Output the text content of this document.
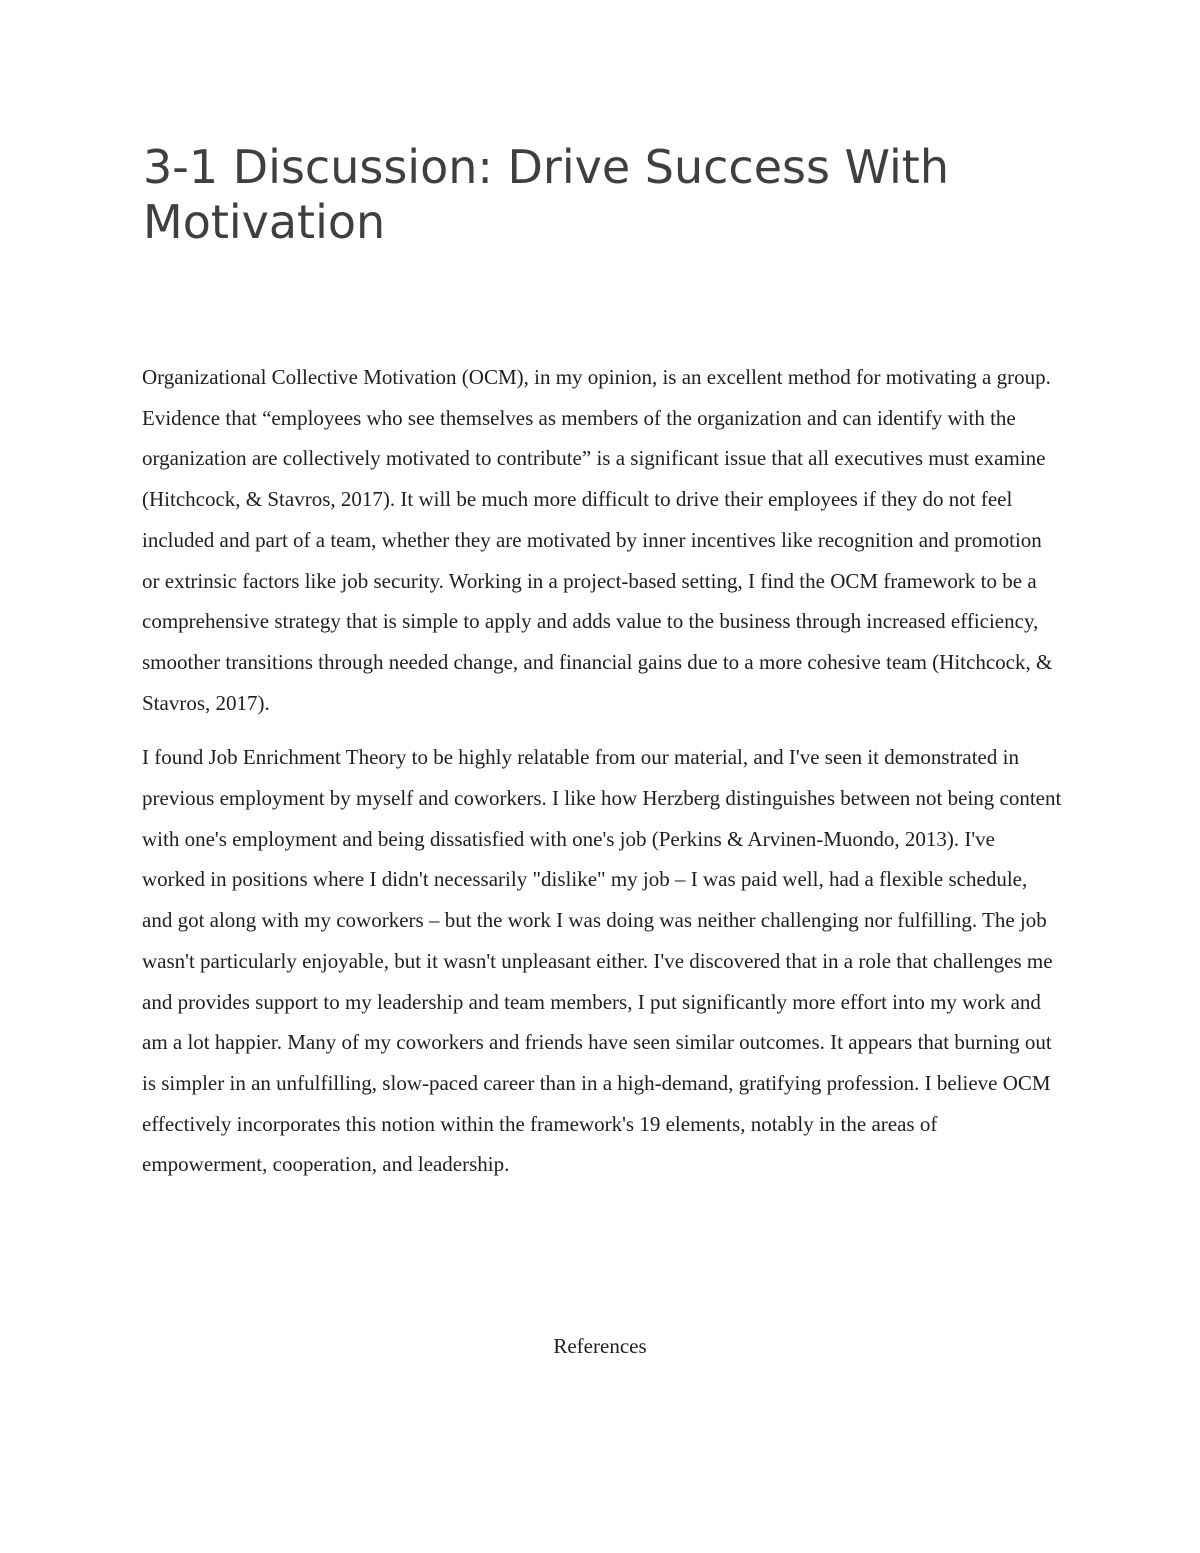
3-1 Discussion: Drive Success With Motivation

Organizational Collective Motivation (OCM), in my opinion, is an excellent method for motivating a group. Evidence that “employees who see themselves as members of the organization and can identify with the organization are collectively motivated to contribute” is a significant issue that all executives must examine (Hitchcock, & Stavros, 2017). It will be much more difficult to drive their employees if they do not feel included and part of a team, whether they are motivated by inner incentives like recognition and promotion or extrinsic factors like job security. Working in a project-based setting, I find the OCM framework to be a comprehensive strategy that is simple to apply and adds value to the business through increased efficiency, smoother transitions through needed change, and financial gains due to a more cohesive team (Hitchcock, & Stavros, 2017).

I found Job Enrichment Theory to be highly relatable from our material, and I've seen it demonstrated in previous employment by myself and coworkers. I like how Herzberg distinguishes between not being content with one's employment and being dissatisfied with one's job (Perkins & Arvinen-Muondo, 2013). I've worked in positions where I didn't necessarily "dislike" my job – I was paid well, had a flexible schedule, and got along with my coworkers – but the work I was doing was neither challenging nor fulfilling. The job wasn't particularly enjoyable, but it wasn't unpleasant either. I've discovered that in a role that challenges me and provides support to my leadership and team members, I put significantly more effort into my work and am a lot happier. Many of my coworkers and friends have seen similar outcomes. It appears that burning out is simpler in an unfulfilling, slow-paced career than in a high-demand, gratifying profession. I believe OCM effectively incorporates this notion within the framework's 19 elements, notably in the areas of empowerment, cooperation, and leadership.

References
